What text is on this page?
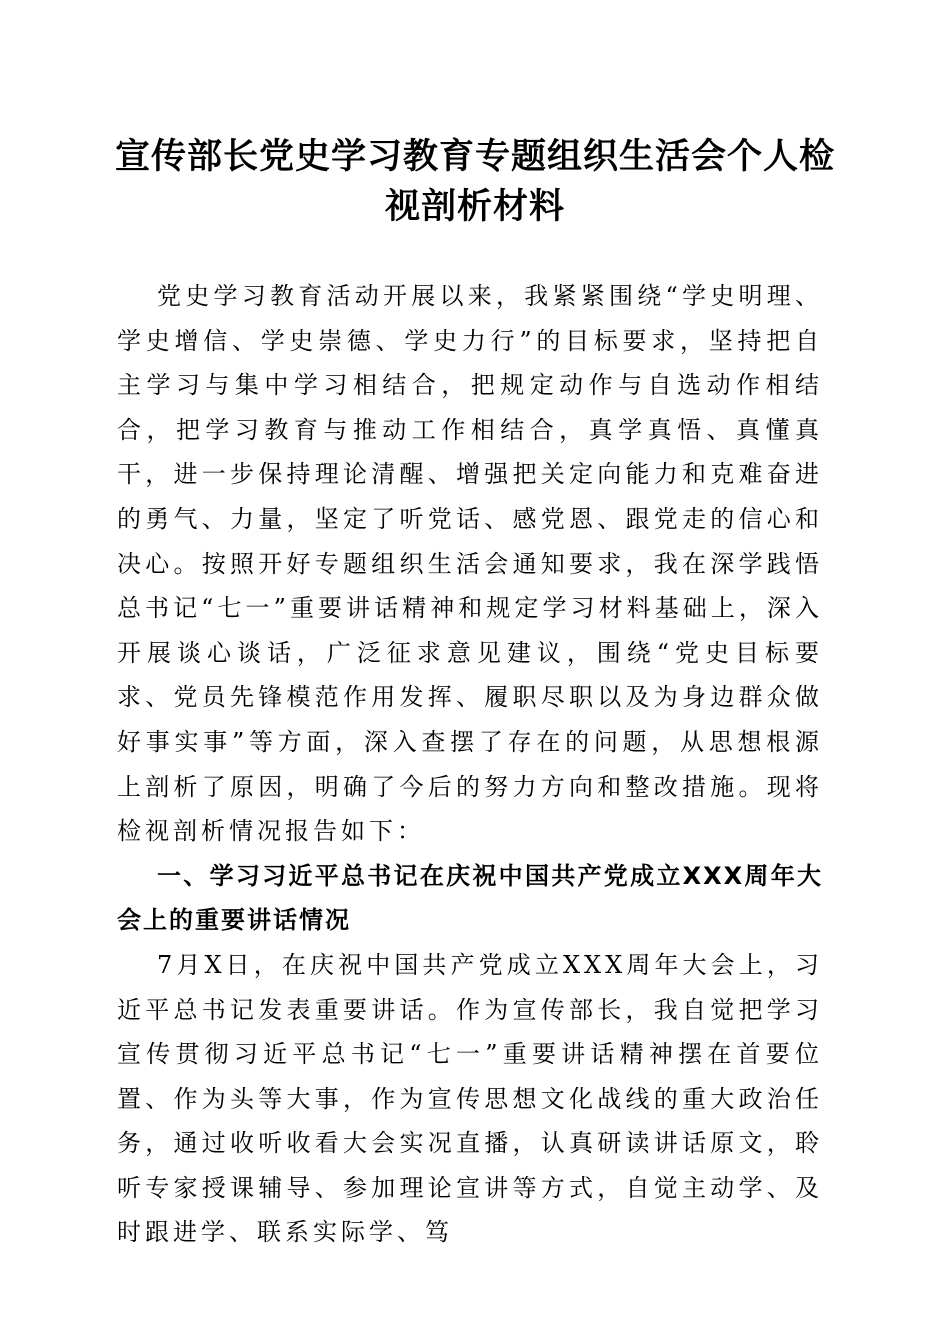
宣传部长党史学习教育专题组织生活会个人检视剖析材料

党史学习教育活动开展以来，我紧紧围绕“学史明理、学史增信、学史崇德、学史力行”的目标要求，坚持把自主学习与集中学习相结合，把规定动作与自选动作相结合，把学习教育与推动工作相结合，真学真悟、真懂真干，进一步保持理论清醒、增强把关定向能力和克难奋进的勇气、力量，坚定了听党话、感党恩、跟党走的信心和决心。按照开好专题组织生活会通知要求，我在深学践悟总书记“七一”重要讲话精神和规定学习材料基础上，深入开展谈心谈话，广泛征求意见建议，围绕“党史目标要求、党员先锋模范作用发挥、履职尽职以及为身边群众做好事实事”等方面，深入查摆了存在的问题，从思想根源上剖析了原因，明确了今后的努力方向和整改措施。现将检视剖析情况报告如下：

一、学习习近平总书记在庆祝中国共产党成立XXX周年大会上的重要讲话情况

7月X日，在庆祝中国共产党成立XXX周年大会上，习近平总书记发表重要讲话。作为宣传部长，我自觉把学习宣传贯彻习近平总书记“七一”重要讲话精神摆在首要位置、作为头等大事，作为宣传思想文化战线的重大政治任务，通过收听收看大会实况直播，认真研读讲话原文，聆听专家授课辅导、参加理论宣讲等方式，自觉主动学、及时跟进学、联系实际学、笃
